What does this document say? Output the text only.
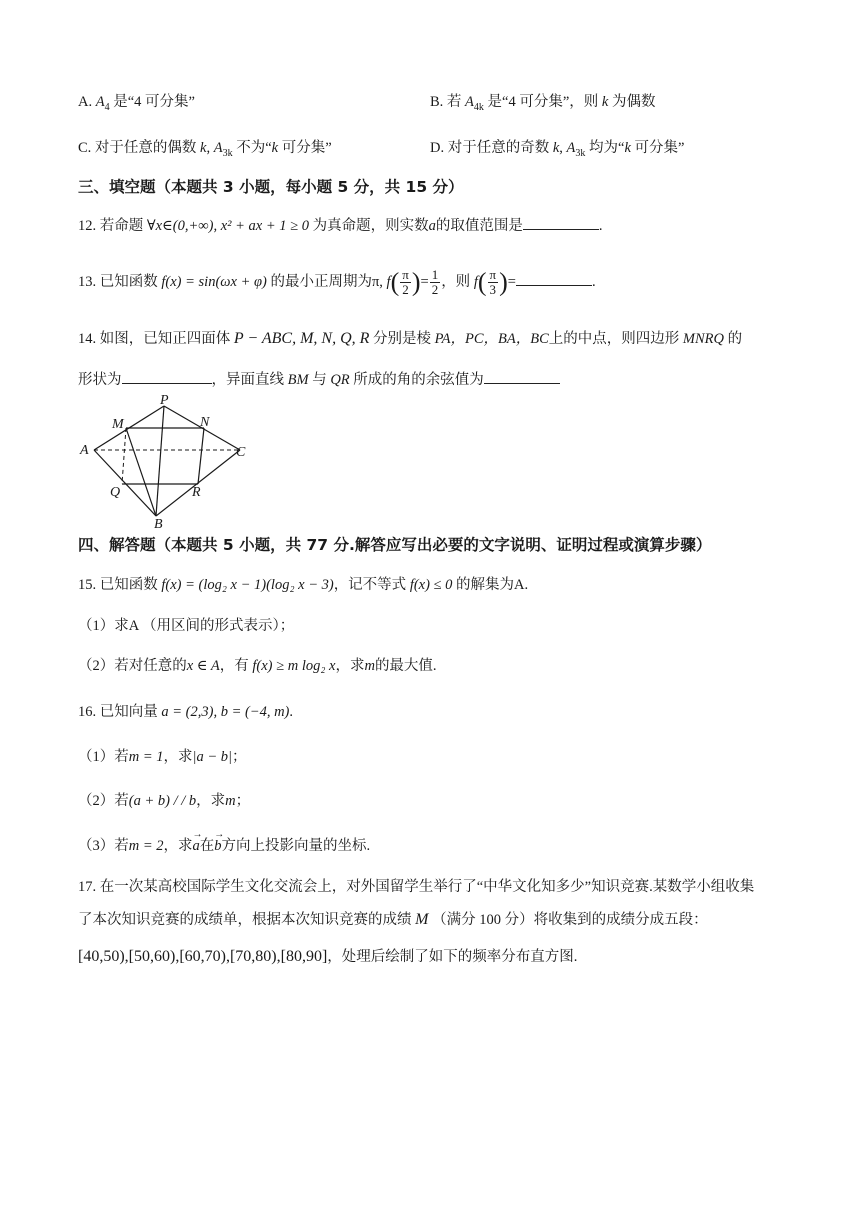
A. $A_4$ 是“4 可分集”	B. 若 $A_{4k}$ 是“4 可分集”，则 k 为偶数
C. 对于任意的偶数 k, $A_{3k}$ 不为“k 可分集”	D. 对于任意的奇数 k, $A_{3k}$ 均为“k 可分集”
三、填空题（本题共 3 小题，每小题 5 分，共 15 分）
12. 若命题 ∀x∈(0,+∞), x² + ax + 1 ≥ 0 为真命题，则实数a的取值范围是	.
13. 已知函数 f(x) = sin(ωx + φ) 的最小正周期为π, $f( \frac{\pi}{2}$ )= $\frac{1}{2}$ ，则 $f( \frac{\pi}{3}$ )=	.
14. 如图，已知正四面体 P − ABC, M, N, Q, R 分别是棱 PA，PC，BA，BC上的中点，则四边形 MNRQ 的
形状为	，异面直线 BM 与 QR 所成的角的余弦值为
P
M	N
A	C
Q	R
B
四、解答题（本题共 5 小题，共 77 分.解答应写出必要的文字说明、证明过程或演算步骤）
15. 已知函数 f(x) = (log₂ x − 1)(log₂ x − 3)，记不等式 f(x) ≤ 0 的解集为A.
（1）求A （用区间的形式表示）；
（2）若对任意的x ∈ A，有 f(x) ≥ m log₂ x，求m的最大值.
16. 已知向量 a = (2,3), b = (−4, m).
（1）若m = 1，求|a − b|；
（2）若(a + b) / / b，求m；
（3）若m = 2，求→ a在→ b方向上投影向量的坐标.
17. 在一次某高校国际学生文化交流会上，对外国留学生举行了“中华文化知多少”知识竞赛.某数学小组收集
了本次知识竞赛的成绩单，根据本次知识竞赛的成绩 M （满分 100 分）将收集到的成绩分成五段：
[40,50),[50,60),[60,70),[70,80),[80,90]，处理后绘制了如下的频率分布直方图.
